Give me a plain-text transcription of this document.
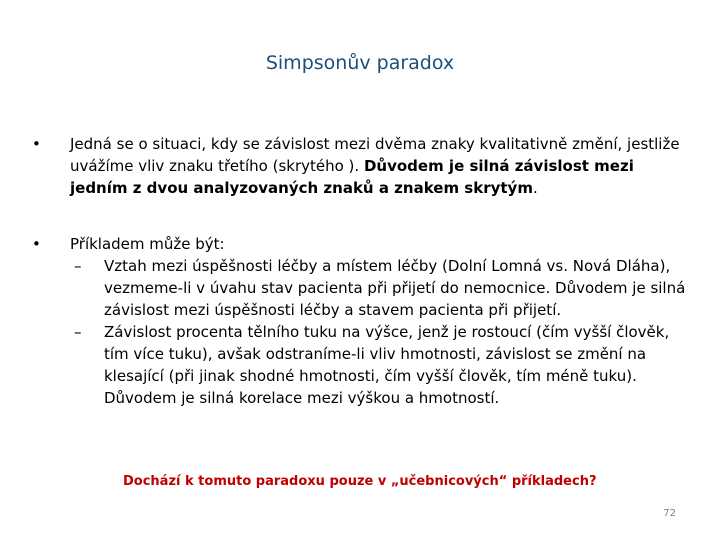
Simpsonův paradox
•	Jedná se o situaci, kdy se závislost mezi dvěma znaky kvalitativně změní, jestliže uvážíme vliv znaku třetího (skrytého ). Důvodem je silná závislost mezi jedním z dvou analyzovaných znaků a znakem skrytým.
•	Příkladem může být:
–	Vztah mezi úspěšnosti léčby a místem léčby (Dolní Lomná vs. Nová Dláha), vezmeme-li v úvahu stav pacienta při přijetí do nemocnice. Důvodem je silná závislost mezi úspěšnosti léčby a stavem pacienta při přijetí.
–	Závislost procenta tělního tuku na výšce, jenž je rostoucí (čím vyšší člověk, tím více tuku), avšak odstraníme-li vliv hmotnosti, závislost se změní na klesající (při jinak shodné hmotnosti, čím vyšší člověk, tím méně tuku). Důvodem je silná korelace mezi výškou a hmotností.
Dochází k tomuto paradoxu pouze v „učebnicových“ příkladech?
72
